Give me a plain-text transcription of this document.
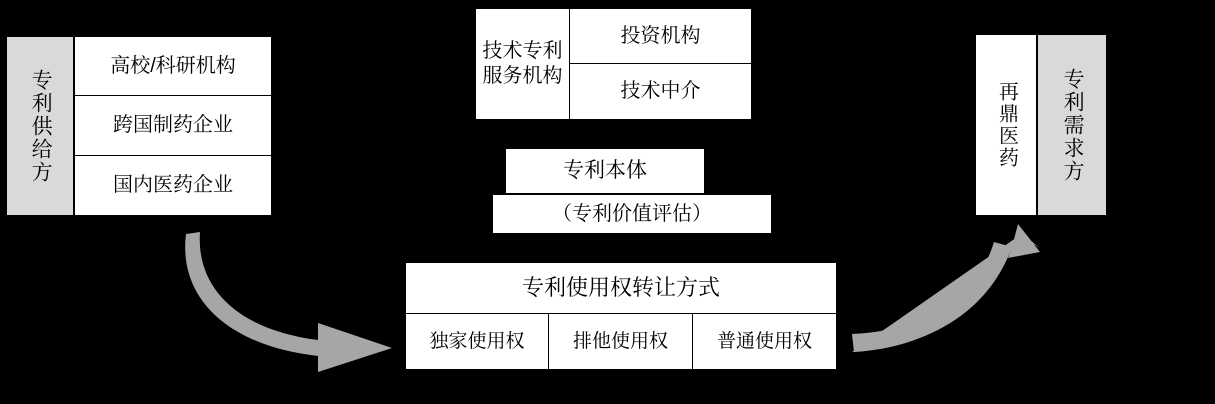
专利供给方
高校/科研机构
跨国制药企业
国内医药企业
技术专利服务机构
投资机构
技术中介
专利本体
（专利价值评估）
专利使用权转让方式
独家使用权	排他使用权	普通使用权
再鼎医药	专利需求方
